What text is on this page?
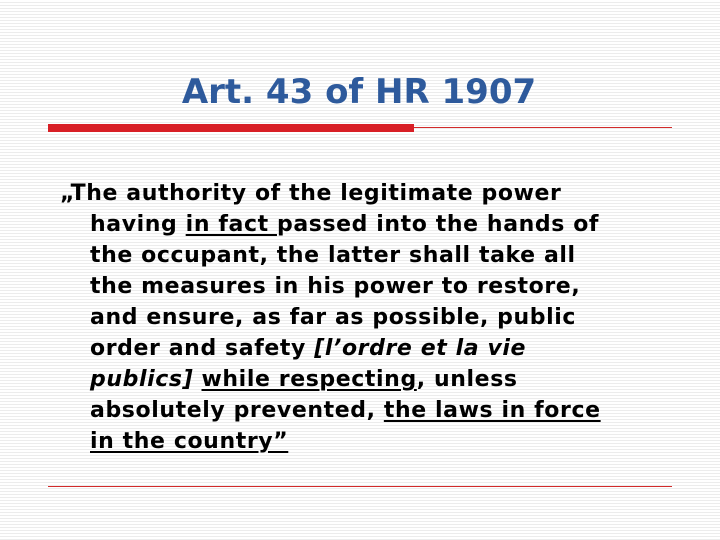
Art. 43 of HR 1907
„The authority of the legitimate power
having in fact passed into the hands of
the occupant, the latter shall take all
the measures in his power to restore,
and ensure, as far as possible, public
order and safety [l’ordre et la vie
publics] while respecting, unless
absolutely prevented, the laws in force
in the country”
